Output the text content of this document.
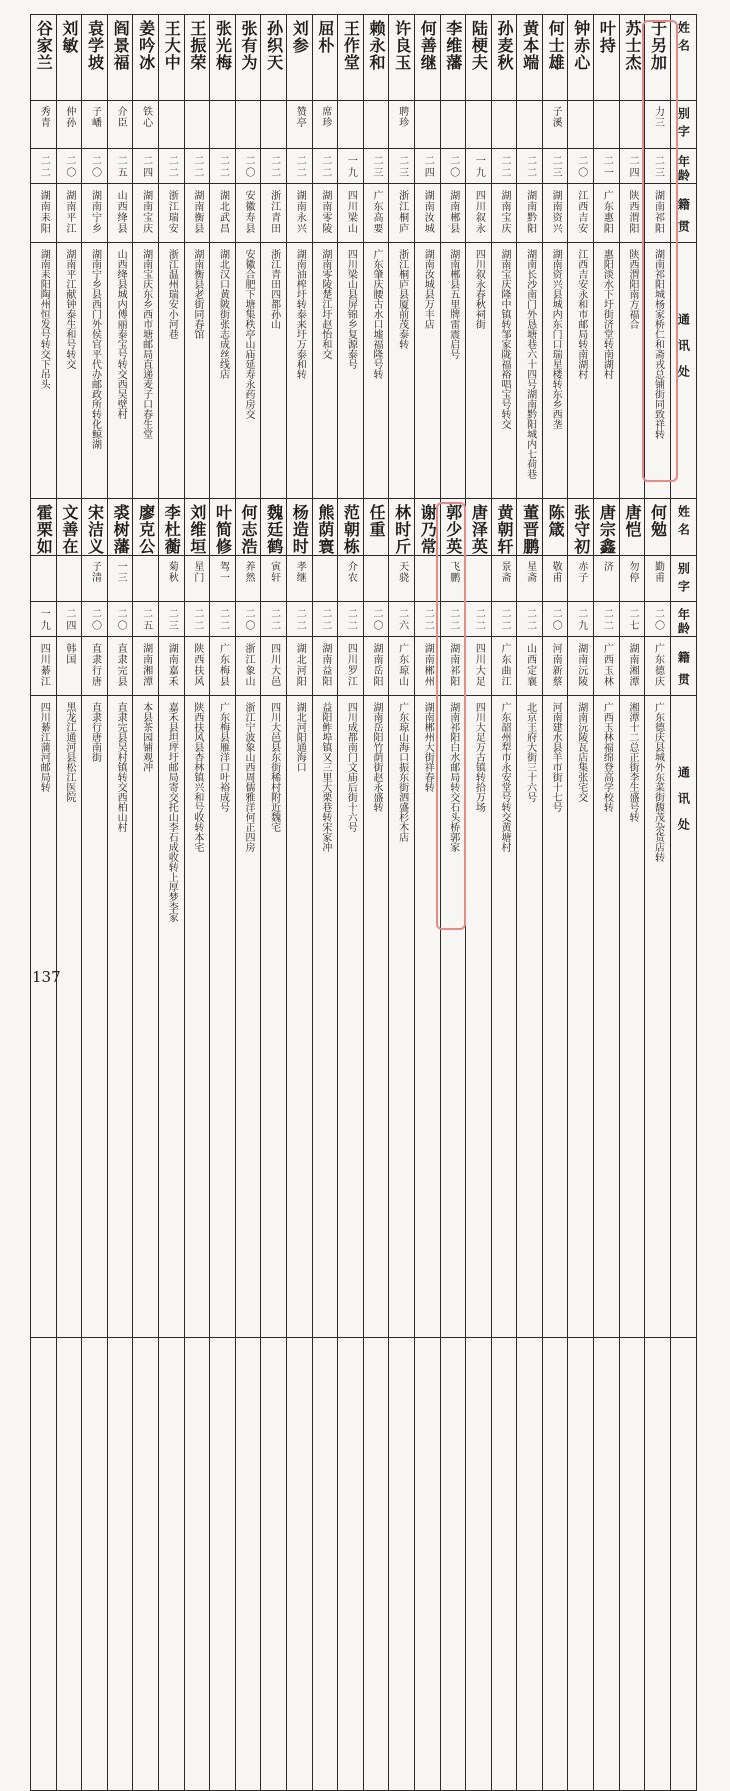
谷家兰	刘敏	袁学坡	阎景福	姜吟冰	王大中	王振荣	张光梅	张有为	孙织天	刘参	屈朴	王作堂	赖永和	许良玉	何善继	李维藩	陆梗夫	孙麦秋	黄本端	何士雄	钟赤心	叶持	苏士杰	于另加	姓名

秀青	仲孙	子嶓	介臣	铁心						赞亭	席珍			聘珍						子溪				力三	别字

二二	二〇	二〇	二五	二四	二二	二二	二二	二〇	二二	二二	二二	一九	二三	二三	二四	二〇	一九	二二	二二	二三	二〇	二一	二四	二三	年龄

湖南耒阳	湖南平江	湖南宁乡	山西绛县	湖南宝庆	浙江瑞安	湖南衡县	湖北武昌	安徽寿县	浙江青田	湖南永兴	湖南零陵	四川梁山	广东高要	浙江桐庐	湖南汝城	湖南郴县	四川叙永	湖南宝庆	湖南黔阳	湖南资兴	江西吉安	广东惠阳	陕西渭阳	湖南祁阳	籍贯

湖南耒阳陶州恒发号转交下吊头	湖南平江献钟泰生和号转交	湖南宁乡县西门外侯官平代办邮政所转化鲸湖	山西绛县城内傅丽泰宝号转交西吴壁村	湖南宝庆东乡西市塘邮局直递麦子口春生堂	浙江温州瑞安小河巷	湖南衡县老街同春馆	湖北汉口黄陂街张志成丝线店	安徽合肥下塘集秩亭山庙延寿永药房交	浙江青田四都孙山	湖南油榨圩转泰来圩万泰和转	湖南零陵楚江圩赵怡和交	四川梁山县屏锦乡复源泰号	广东肇庆腰古水口墟福隆号转	浙江桐庐县厦前茂泰转	湖南汝城县万丰店	湖南郴县五里牌雷震启号	四川叙永春秋祠街	湖南宝庆隆中镇转邹家陇福裕唱宝号转交	湖南长沙南门外恳塘巷六十四号湖南黔阳城内七荷巷	湖南资兴县城内东门口瑞星楼转东乡西垄	江西吉安永和市邮局转南湖村	惠阳淡水下圩街济堂转南湖村	陕西渭阳南方福合	湖南祁阳城杨家桥仁和斋戎总铺街同致祥转	通讯处
霍栗如	文善在	宋洁义	裘树藩	廖克公	李杜蘅	刘维垣	叶简修	何志浩	魏廷鹤	杨造时	熊荫寰	范朝栋	任重	林时斤	谢乃常	郭少英	唐泽英	黄朝轩	董晋鹏	陈箴	张守初	唐宗鑫	唐恺	何勉	姓名

		子清	一三		菊秋	星门	驾一	养然	寅轩	孝继		介农		天骁		飞鹏		景斋	星斋	敬甫	赤子	济	勿停	勤甫	别字

一九	二四	二〇	二〇	二五	二三	二二	二二	二〇	二二	二二	二二	二二	二〇	二六	二二	二二	二二	二二	二二	二〇	二九	二二	二七	二〇	年龄

四川綦江	韩国	直隶行唐	直隶完县	湖南湘潭	湖南嘉禾	陕西扶风	广东梅县	浙江象山	四川大邑	湖北河阳	湖南益阳	四川罗江	湖南岳阳	广东琼山	湖南郴州	湖南祁阳	四川大足	广东曲江	山西定襄	河南新蔡	湖南沅陵	广西玉林	湖南湘潭	广东德庆	籍贯

四川綦江蒲河邮局转	黑龙江通河县松江医院	直隶行唐南街	直隶完县吴村镇转交西柏山村	本县茶园铺观冲	嘉禾县坦坪圩邮局寄交托山李石成收转上厚梦李家	陕西扶风县杏林镇兴和号收转本宅	广东梅县雁洋口叶裕成号	浙江宁波象山西周儒雅洋何正四房	四川大邑县东街稀村附近魏宅	湖北河阳通海口	益阳鲊埠镇又三里大栗巷转宋家冲	四川成都南门文庙后街十六号	湖南岳阳竹荫街赵永盛转	广东琼山海口振东街泗盛杉木店	湖南郴州大街祥春转	湖南祁阳白水邮局转交石头桥郭家	四川大足万古镇转拾万场	广东韶州犁市永安堂号转交黄塘村	北京王府大街三十六号	河南建水县羊市街十七号	湖南沅陵瓦店集张宅交	广西玉林福绵登高学校转	湘潭十二总正街李生盛号转	广东德庆县城外东菜街馥茂杂货店转	通讯处
137
